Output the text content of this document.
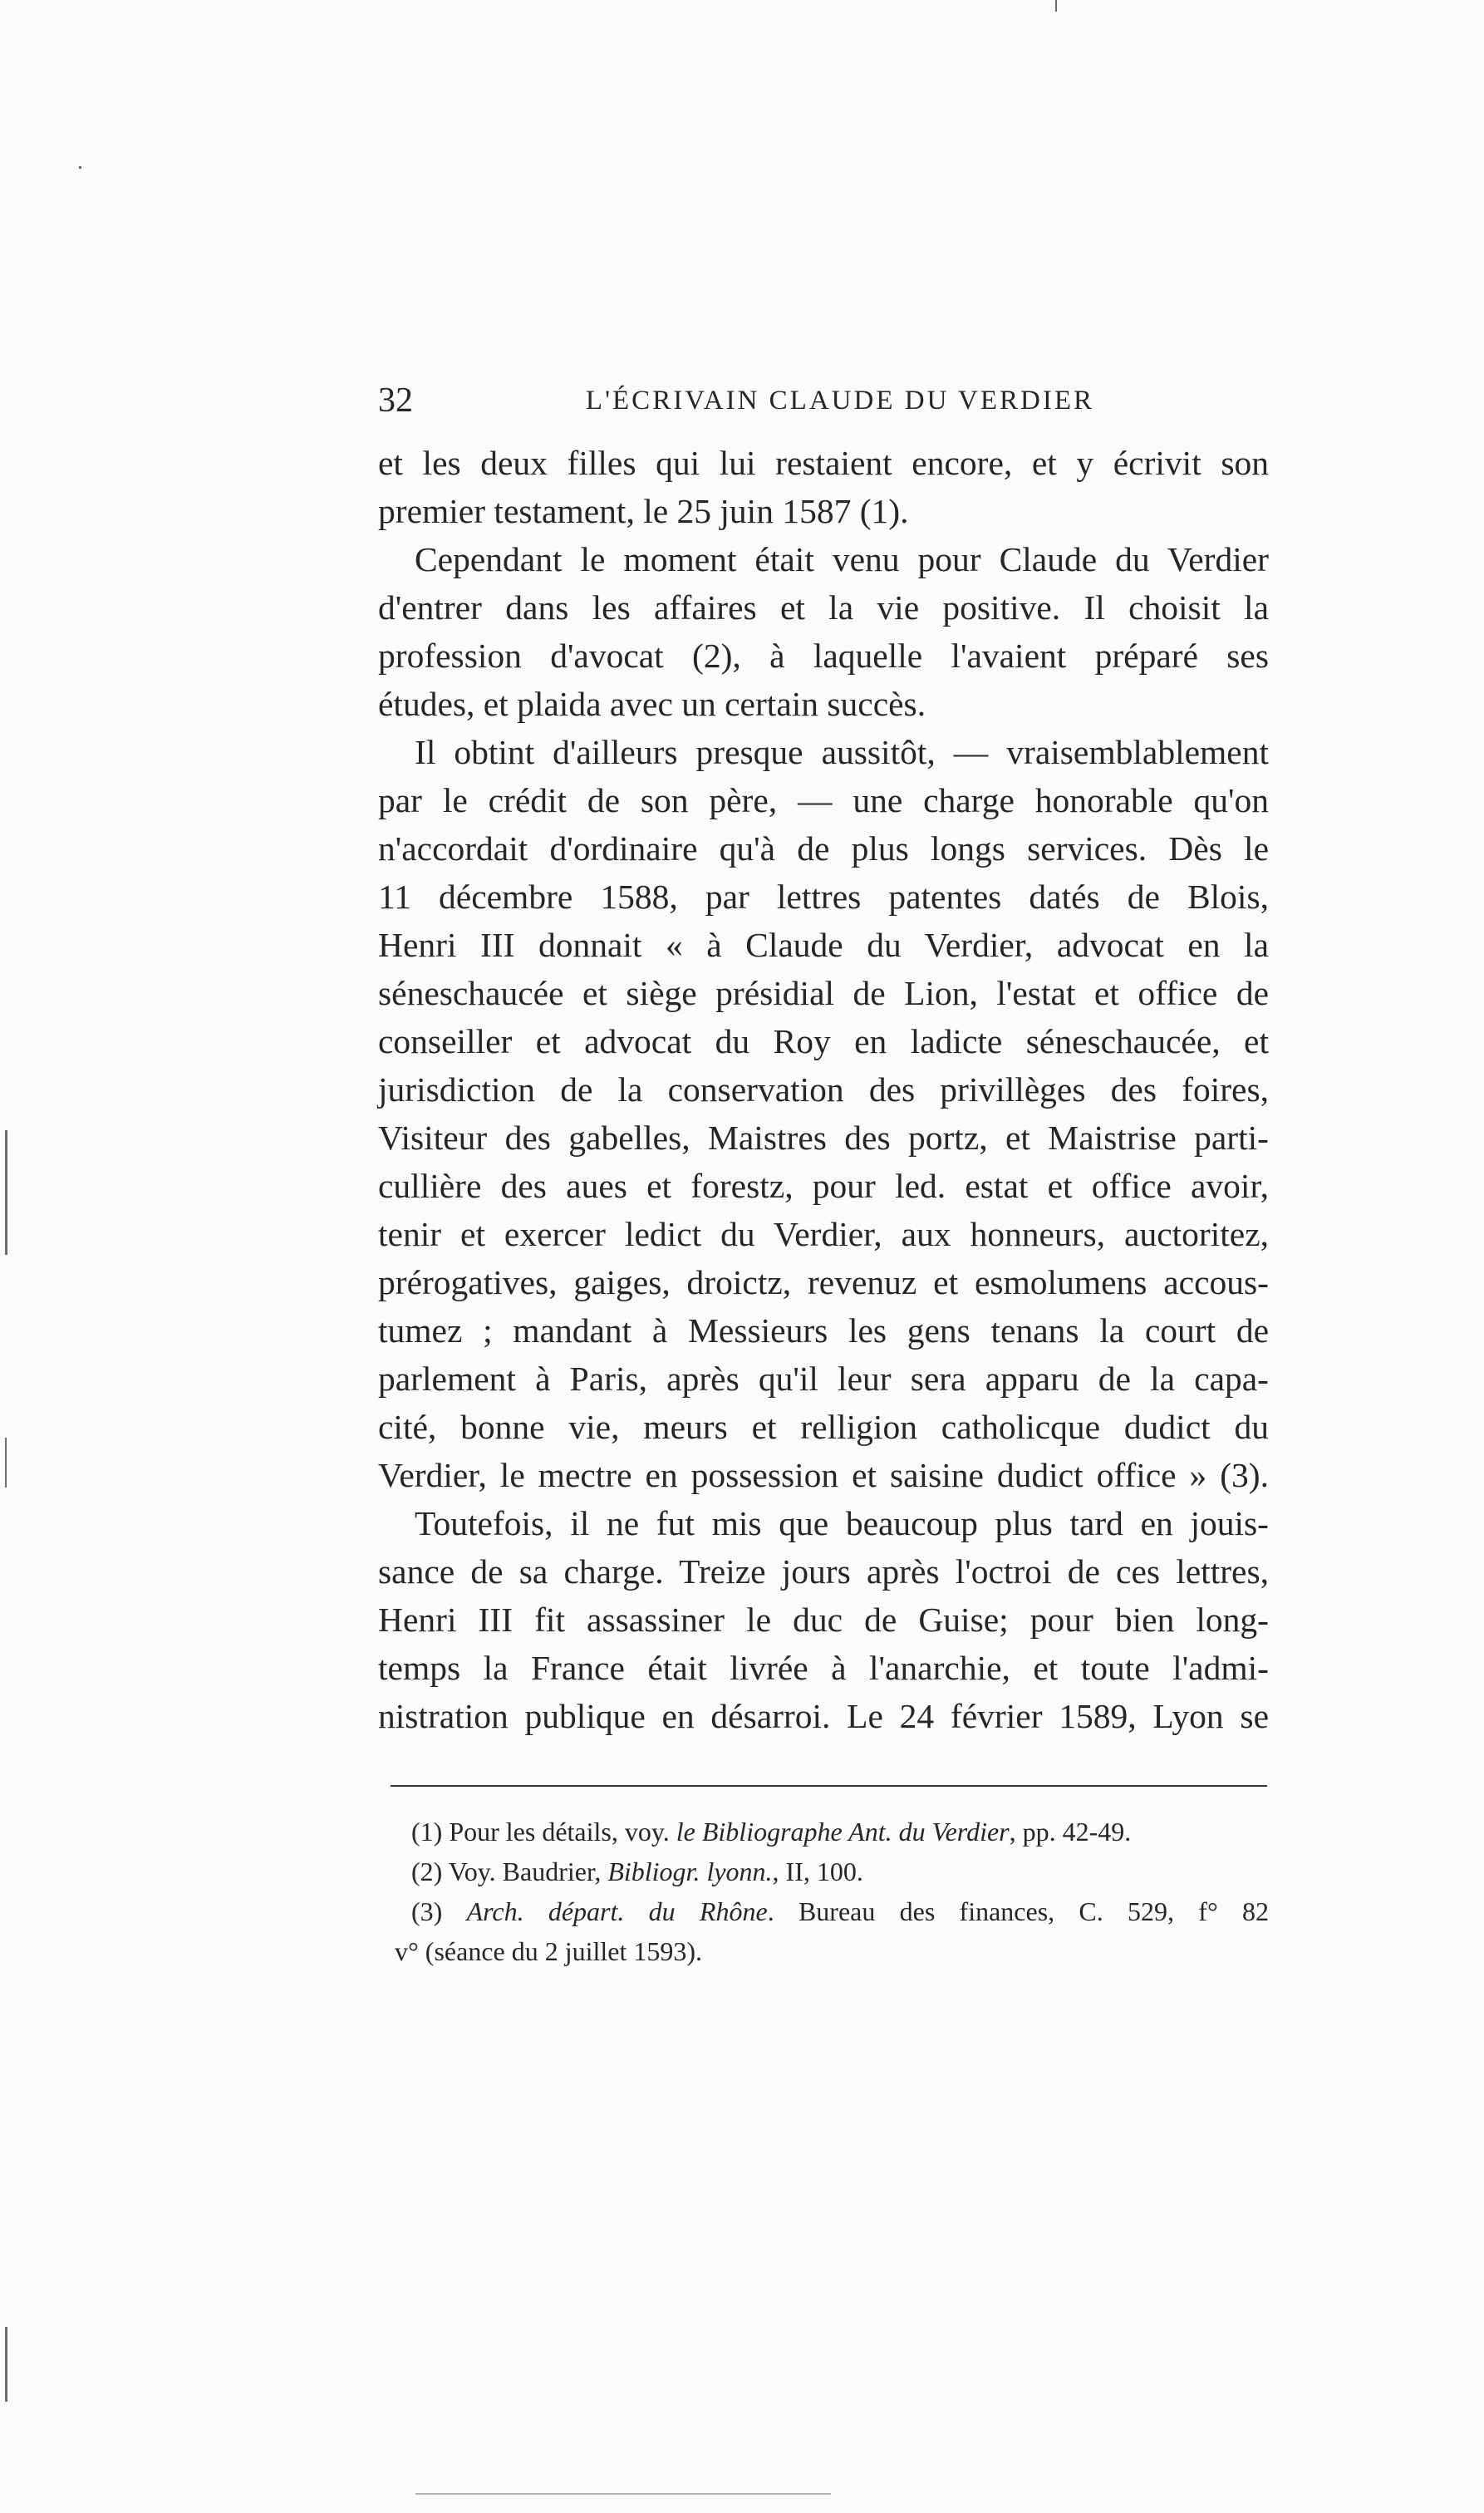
32	L'ÉCRIVAIN CLAUDE DU VERDIER

et les deux filles qui lui restaient encore, et y écrivit son

premier testament, le 25 juin 1587 (1).

Cependant le moment était venu pour Claude du Verdier

d'entrer dans les affaires et la vie positive. Il choisit la

profession d'avocat (2), à laquelle l'avaient préparé ses

études, et plaida avec un certain succès.

Il obtint d'ailleurs presque aussitôt, — vraisemblablement

par le crédit de son père, — une charge honorable qu'on

n'accordait d'ordinaire qu'à de plus longs services. Dès le

11 décembre 1588, par lettres patentes datés de Blois,

Henri III donnait « à Claude du Verdier, advocat en la

séneschaucée et siège présidial de Lion, l'estat et office de

conseiller et advocat du Roy en ladicte séneschaucée, et

jurisdiction de la conservation des privillèges des foires,

Visiteur des gabelles, Maistres des portz, et Maistrise parti-

cullière des aues et forestz, pour led. estat et office avoir,

tenir et exercer ledict du Verdier, aux honneurs, auctoritez,

prérogatives, gaiges, droictz, revenuz et esmolumens accous-

tumez ; mandant à Messieurs les gens tenans la court de

parlement à Paris, après qu'il leur sera apparu de la capa-

cité, bonne vie, meurs et relligion catholicque dudict du

Verdier, le mectre en possession et saisine dudict office » (3).

Toutefois, il ne fut mis que beaucoup plus tard en jouis-

sance de sa charge. Treize jours après l'octroi de ces lettres,

Henri III fit assassiner le duc de Guise; pour bien long-

temps la France était livrée à l'anarchie, et toute l'admi-

nistration publique en désarroi. Le 24 février 1589, Lyon se

(1) Pour les détails, voy. le Bibliographe Ant. du Verdier, pp. 42-49.

(2) Voy. Baudrier, Bibliogr. lyonn., II, 100.

(3) Arch. départ. du Rhône. Bureau des finances, C. 529, f° 82

v° (séance du 2 juillet 1593).
